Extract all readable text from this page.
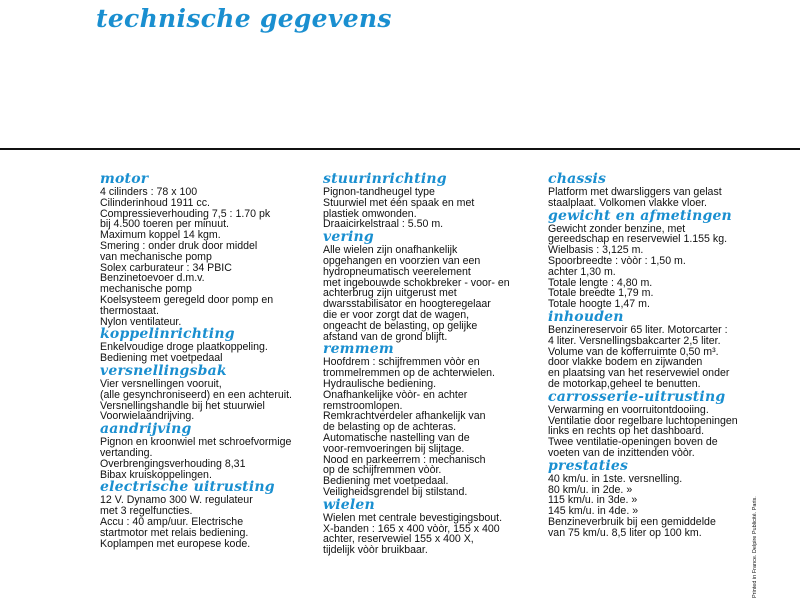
technische gegevens
motor
4 cilinders : 78 x 100
Cilinderinhoud 1911 cc.
Compressieverhouding 7,5 : 1.70 pk
bij 4.500 toeren per minuut.
Maximum koppel 14 kgm.
Smering : onder druk door middel
van mechanische pomp
Solex carburateur : 34 PBIC
Benzinetoevoer d.m.v.
mechanische pomp
Koelsysteem geregeld door pomp en
thermostaat.
Nylon ventilateur.
koppelinrichting
Enkelvoudige droge plaatkoppeling.
Bediening met voetpedaal
versnellingsbak
Vier versnellingen vooruit,
(alle gesynchroniseerd) en een achteruit.
Versnellingshandle bij het stuurwiel
Voorwielaandrijving.
aandrijving
Pignon en kroonwiel met schroefvormige
vertanding.
Overbrengingsverhouding 8,31
Bibax kruiskoppelingen.
electrische uitrusting
12 V. Dynamo 300 W. regulateur
met 3 regelfuncties.
Accu : 40 amp/uur. Electrische
startmotor met relais bediening.
Koplampen met europese kode.
stuurinrichting
Pignon-tandheugel type
Stuurwiel met één spaak en met
plastiek omwonden.
Draaicirkelstraal : 5.50 m.
vering
Alle wielen zijn onafhankelijk
opgehangen en voorzien van een
hydropneumatisch veerelement
met ingebouwde schokbreker - voor- en
achterbrug zijn uitgerust met
dwarsstabilisator en hoogteregelaar
die er voor zorgt dat de wagen,
ongeacht de belasting, op gelijke
afstand van de grond blijft.
remmem
Hoofdrem : schijfremmen vòòr en
trommelremmen op de achterwielen.
Hydraulische bediening.
Onafhankelijke vòòr- en achter
remstroomlopen.
Remkrachtverdeler afhankelijk van
de belasting op de achteras.
Automatische nastelling van de
voor-remvoeringen bij slijtage.
Nood en parkeerrem : mechanisch
op de schijfremmen vòòr.
Bediening met voetpedaal.
Veiligheidsgrendel bij stilstand.
wielen
Wielen met centrale bevestigingsbout.
X-banden : 165 x 400 vòòr, 155 x 400
achter, reservewiel 155 x 400 X,
tijdelijk vòòr bruikbaar.
chassis
Platform met dwarsliggers van gelast
staalplaat. Volkomen vlakke vloer.
gewicht en afmetingen
Gewicht zonder benzine, met
gereedschap en reservewiel 1.155 kg.
Wielbasis : 3,125 m.
Spoorbreedte : vòòr : 1,50 m.
achter 1,30 m.
Totale lengte : 4,80 m.
Totale breedte 1,79 m.
Totale hoogte 1,47 m.
inhouden
Benzinereservoir 65 liter. Motorcarter :
4 liter. Versnellingsbakcarter 2,5 liter.
Volume van de kofferruimte 0,50 m³.
door vlakke bodem en zijwanden
en plaatsing van het reservewiel onder
de motorkap,geheel te benutten.
carrosserie-uitrusting
Verwarming en voorruitontdooiing.
Ventilatie door regelbare luchtopeningen
links en rechts op het dashboard.
Twee ventilatie-openingen boven de
voeten van de inzittenden vòòr.
prestaties
40 km/u. in 1ste. versnelling.
80 km/u. in 2de. »
115 km/u. in 3de. »
145 km/u. in 4de. »
Benzineverbruik bij een gemiddelde
van 75 km/u. 8,5 liter op 100 km.	Printed in France. Delpire Publicité. Paris.
